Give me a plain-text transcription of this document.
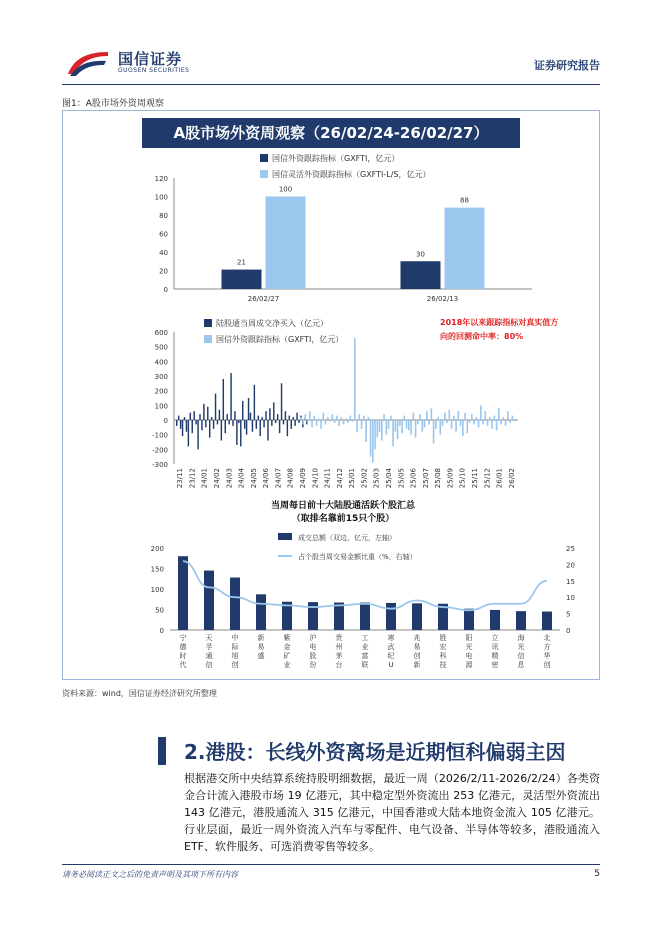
国信证券
GUOSEN SECURITIES	证券研究报告
图1：A股市场外资周观察
A股市场外资周观察（26/02/24-26/02/27）
国信外资跟踪指标（GXFTI，亿元）
国信灵活外资跟踪指标（GXFTI-L/S，亿元）
0
20
40
60
80
100
120
21
100
26/02/27
30
88
26/02/13
陆股通当周成交净买入（亿元）
国信外资跟踪指标（GXFTI，亿元）
2018年以来跟踪指标对真实值方
向的回测命中率：80%
-300
-200
-100
0
100
200
300
400
500
600
23/11 23/12 24/01 24/02 24/03 24/04 24/05 24/06 24/07 24/08 24/09 24/10 24/11 24/12 25/01 25/02 25/03 25/04 25/05 25/06 25/07 25/08 25/09 25/10 25/11 25/12 26/01 26/02
当周每日前十大陆股通活跃个股汇总
（取排名靠前15只个股）
成交总额（双边，亿元，左轴）
占个股当周交易金额比重（%，右轴）
0
50
100
150
200
0
5
10
15
20
25
宁
德
时
代
天
孚
通
信
中
际
旭
创
新
易
盛
紫
金
矿
业
沪
电
股
份
贵
州
茅
台
工
业
富
联
寒
武
纪
U
兆
易
创
新
胜
宏
科
技
阳
光
电
源
立
讯
精
密
海
光
信
息
北
方
华
创
资料来源：wind，国信证券经济研究所整理
2.港股：长线外资离场是近期恒科偏弱主因
根据港交所中央结算系统持股明细数据，最近一周（2026/2/11-2026/2/24）各类资金合计流入港股市场 19 亿港元，其中稳定型外资流出 253 亿港元，灵活型外资流出 143 亿港元，港股通流入 315 亿港元，中国香港或大陆本地资金流入 105 亿港元。行业层面，最近一周外资流入汽车与零配件、电气设备、半导体等较多，港股通流入 ETF、软件服务、可选消费零售等较多。
请务必阅读正文之后的免责声明及其项下所有内容	5
